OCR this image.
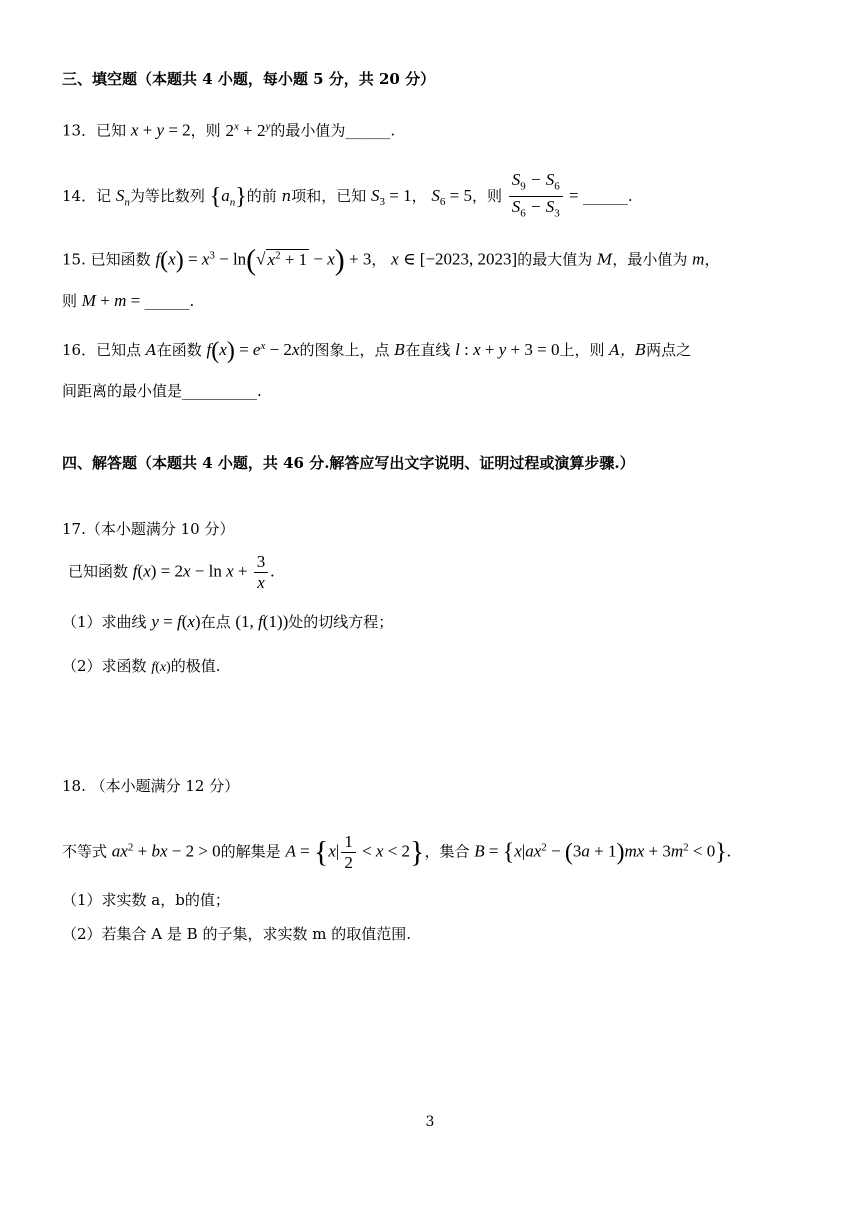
三、填空题（本题共 4 小题，每小题 5 分，共 20 分）
13．已知 x + y = 2，则 $2^x + 2^y$的最小值为______.
14．记 $S_n$为等比数列 $\{a_n\}$的前 n项和，已知 $S_3 = 1$， $S_6 = 5$，则 $\frac{S_9 - S_6}{S_6 - S_3}$ = ______.
15. 已知函数 $f(x) = x^3 - \ln(√$ $x^2 + 1 - x) + 3$， x ∈ [−2023, 2023]的最大值为 M，最小值为 m，
则 M + m = ______.
16．已知点 A在函数 $f(x) = e^x - 2x$的图象上，点 B在直线 l : x + y + 3 = 0上，则 A，B两点之
间距离的最小值是__________.
四、解答题（本题共 4 小题，共 46 分.解答应写出文字说明、证明过程或演算步骤.）
17.（本小题满分 10 分）
已知函数 $f(x) = 2x - \ln x + \frac{3}{x}$ .
（1）求曲线 y = f(x)在点 (1, f(1))处的切线方程；
（2）求函数 f(x)的极值.
18. （本小题满分 12 分）
不等式 $ax^2$ + bx − 2 > 0的解集是 $A = \{x| \frac{1}{2} < x < 2\}$，集合 $B = \{x|ax^2 - (3a + 1)mx + 3m^2 < 0\}$.
（1）求实数 a，b的值；
（2）若集合 A 是 B 的子集，求实数 m 的取值范围.
3
